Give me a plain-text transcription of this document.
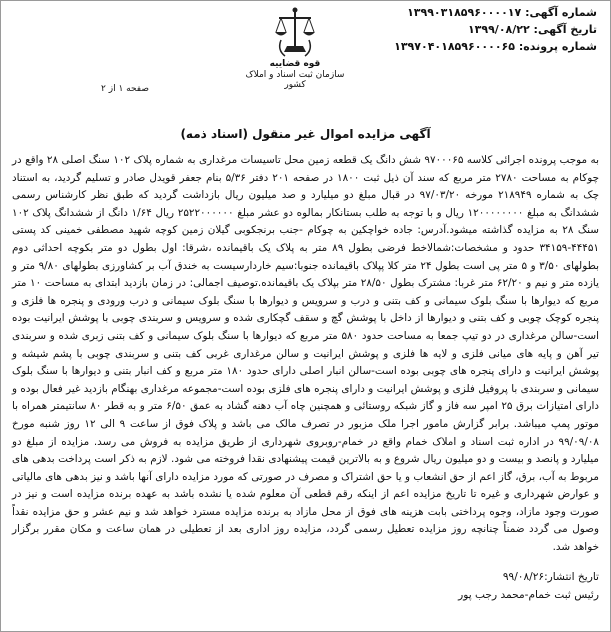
قوه قضاییه
سازمان ثبت اسناد و املاک کشور
شماره آگهی: ۱۳۹۹۰۳۱۸۵۹۶۰۰۰۰۱۷
تاریخ آگهی: ۱۳۹۹/۰۸/۲۲
شماره پرونده: ۱۳۹۷۰۴۰۱۸۵۹۶۰۰۰۰۶۵
صفحه ۱ از ۲
آگهی مزایده اموال غیر منقول (اسناد ذمه)
به موجب پرونده اجرائی کلاسه ۹۷۰۰۰۶۵ شش دانگ یک قطعه زمین محل تاسیسات مرغداری به شماره پلاک ۱۰۲ سنگ اصلی ۲۸ واقع در چوکام به مساحت ۲۷۸۰ متر مربع که سند آن ذیل ثبت ۱۸۰۰ در صفحه ۲۰۱ دفتر ۵/۳۶ بنام جعفر قویدل صادر و تسلیم گردید، به استناد چک به شماره ۲۱۸۹۴۹ مورخه ۹۷/۰۳/۲۰ در قبال مبلغ دو میلیارد و صد میلیون ریال بازداشت گردید که طبق نظر کارشناس رسمی ششدانگ به مبلغ ۱۲۰۰۰۰۰۰۰۰ ریال و با توجه به طلب بستانکار بمالوه دو عشر مبلغ ۲۵۲۲۰۰۰۰۰۰ ریال ۱/۶۴ دانگ از ششدانگ پلاک ۱۰۲ سنگ ۲۸ به مزایده گذاشته میشود.آدرس: جاده خواچکین به چوکام -جنب برنجکوبی گیلان زمین کوچه شهید مصطفی خمینی کد پستی ۴۴۴۵۱-۳۴۱۵۹ حدود و مشخصات:شمالاخط فرضی بطول ۸۹ متر به پلاک یک باقیمانده ،شرقا: اول بطول دو متر بکوچه احداثی دوم بطولهای ۳/۵۰ و ۵ متر پی است بطول ۲۴ متر کلا پپلاک باقیمانده جنوبا:سیم خاردارسیست به خندق آب بر کشاورزی بطولهای ۹/۸۰ متر و یازده متر و نیم و ۶۲/۲۰ متر غربا: مشترک بطول ۲۸/۵۰ متر بپلاک یک باقیمانده.توصیف اجمالی: در زمان بازدید ابتدای به مساحت ۱۰ متر مربع که دیوارها با سنگ بلوک سیمانی و کف بتنی و درب و سرویس و دیوارها با سنگ بلوک سیمانی و درب ورودی و پنجره ها فلزی و پنجره کوچک چوبی و کف بتنی و دیوارها از داخل با پوشش گچ و سقف گچکاری شده و سرویس و سربندی چوبی با پوشش ایرانیت بوده است-سالن مرغداری در دو تیپ جمعا به مساحت حدود ۵۸۰ متر مربع که دیوارها با سنگ بلوک سیمانی و کف بتنی زبری شده و سربندی تیر آهن و پایه های میانی فلزی و لایه ها فلزی و پوشش ایرانیت و سالن مرغداری غربی کف بتنی و سربندی چوبی با پشم شیشه و پوشش ایرانیت و دارای پنجره های چوبی بوده است-سالن انبار اصلی دارای حدود ۱۸۰ متر مربع و کف انبار بتنی و دیوارها با سنگ بلوک سیمانی و سربندی با پروفیل فلزی و پوشش ایرانیت و دارای پنجره های فلزی بوده است-مجموعه مرغداری بهنگام بازدید غیر فعال بوده و دارای امتیازات برق ۲۵ امپر سه فاز و گاز شبکه روستائی و همچنین چاه آب دهنه گشاد به عمق ۶/۵۰ متر و به قطر ۸۰ سانتیمتر همراه با موتور پمپ میباشد. برابر گزارش مامور اجرا ملک مزبور در تصرف مالک می باشد و پلاک فوق از ساعت ۹ الی ۱۲ روز شنبه مورخ ۹۹/۰۹/۰۸ در اداره ثبت اسناد و املاک خمام واقع در خمام-روبروی شهرداری از طریق مزایده به فروش می رسد. مزایده از مبلغ دو میلیارد و پانصد و بیست و دو میلیون ریال شروع و به بالاترین قیمت پیشنهادی نقدا فروخته می شود. لازم به ذکر است پرداخت بدهی های مربوط به آب، برق، گاز اعم از حق انشعاب و یا حق اشتراک و مصرف در صورتی که مورد مزایده دارای آنها باشد و نیز بدهی های مالیاتی و عوارض شهرداری و غیره تا تاریخ مزایده اعم از اینکه رقم قطعی آن معلوم شده یا نشده باشد به عهده برنده مزایده است و نیز در صورت وجود مازاد، وجوه پرداختی بابت هزینه های فوق از محل مازاد به برنده مزایده مسترد خواهد شد و نیم عشر و حق مزایده نقداً وصول می گردد ضمناً چنانچه روز مزایده تعطیل رسمی گردد، مزایده روز اداری بعد از تعطیلی در همان ساعت و مکان مقرر برگزار خواهد شد.
تاریخ انتشار:۹۹/۰۸/۲۶
رئیس ثبت خمام-محمد رجب پور
